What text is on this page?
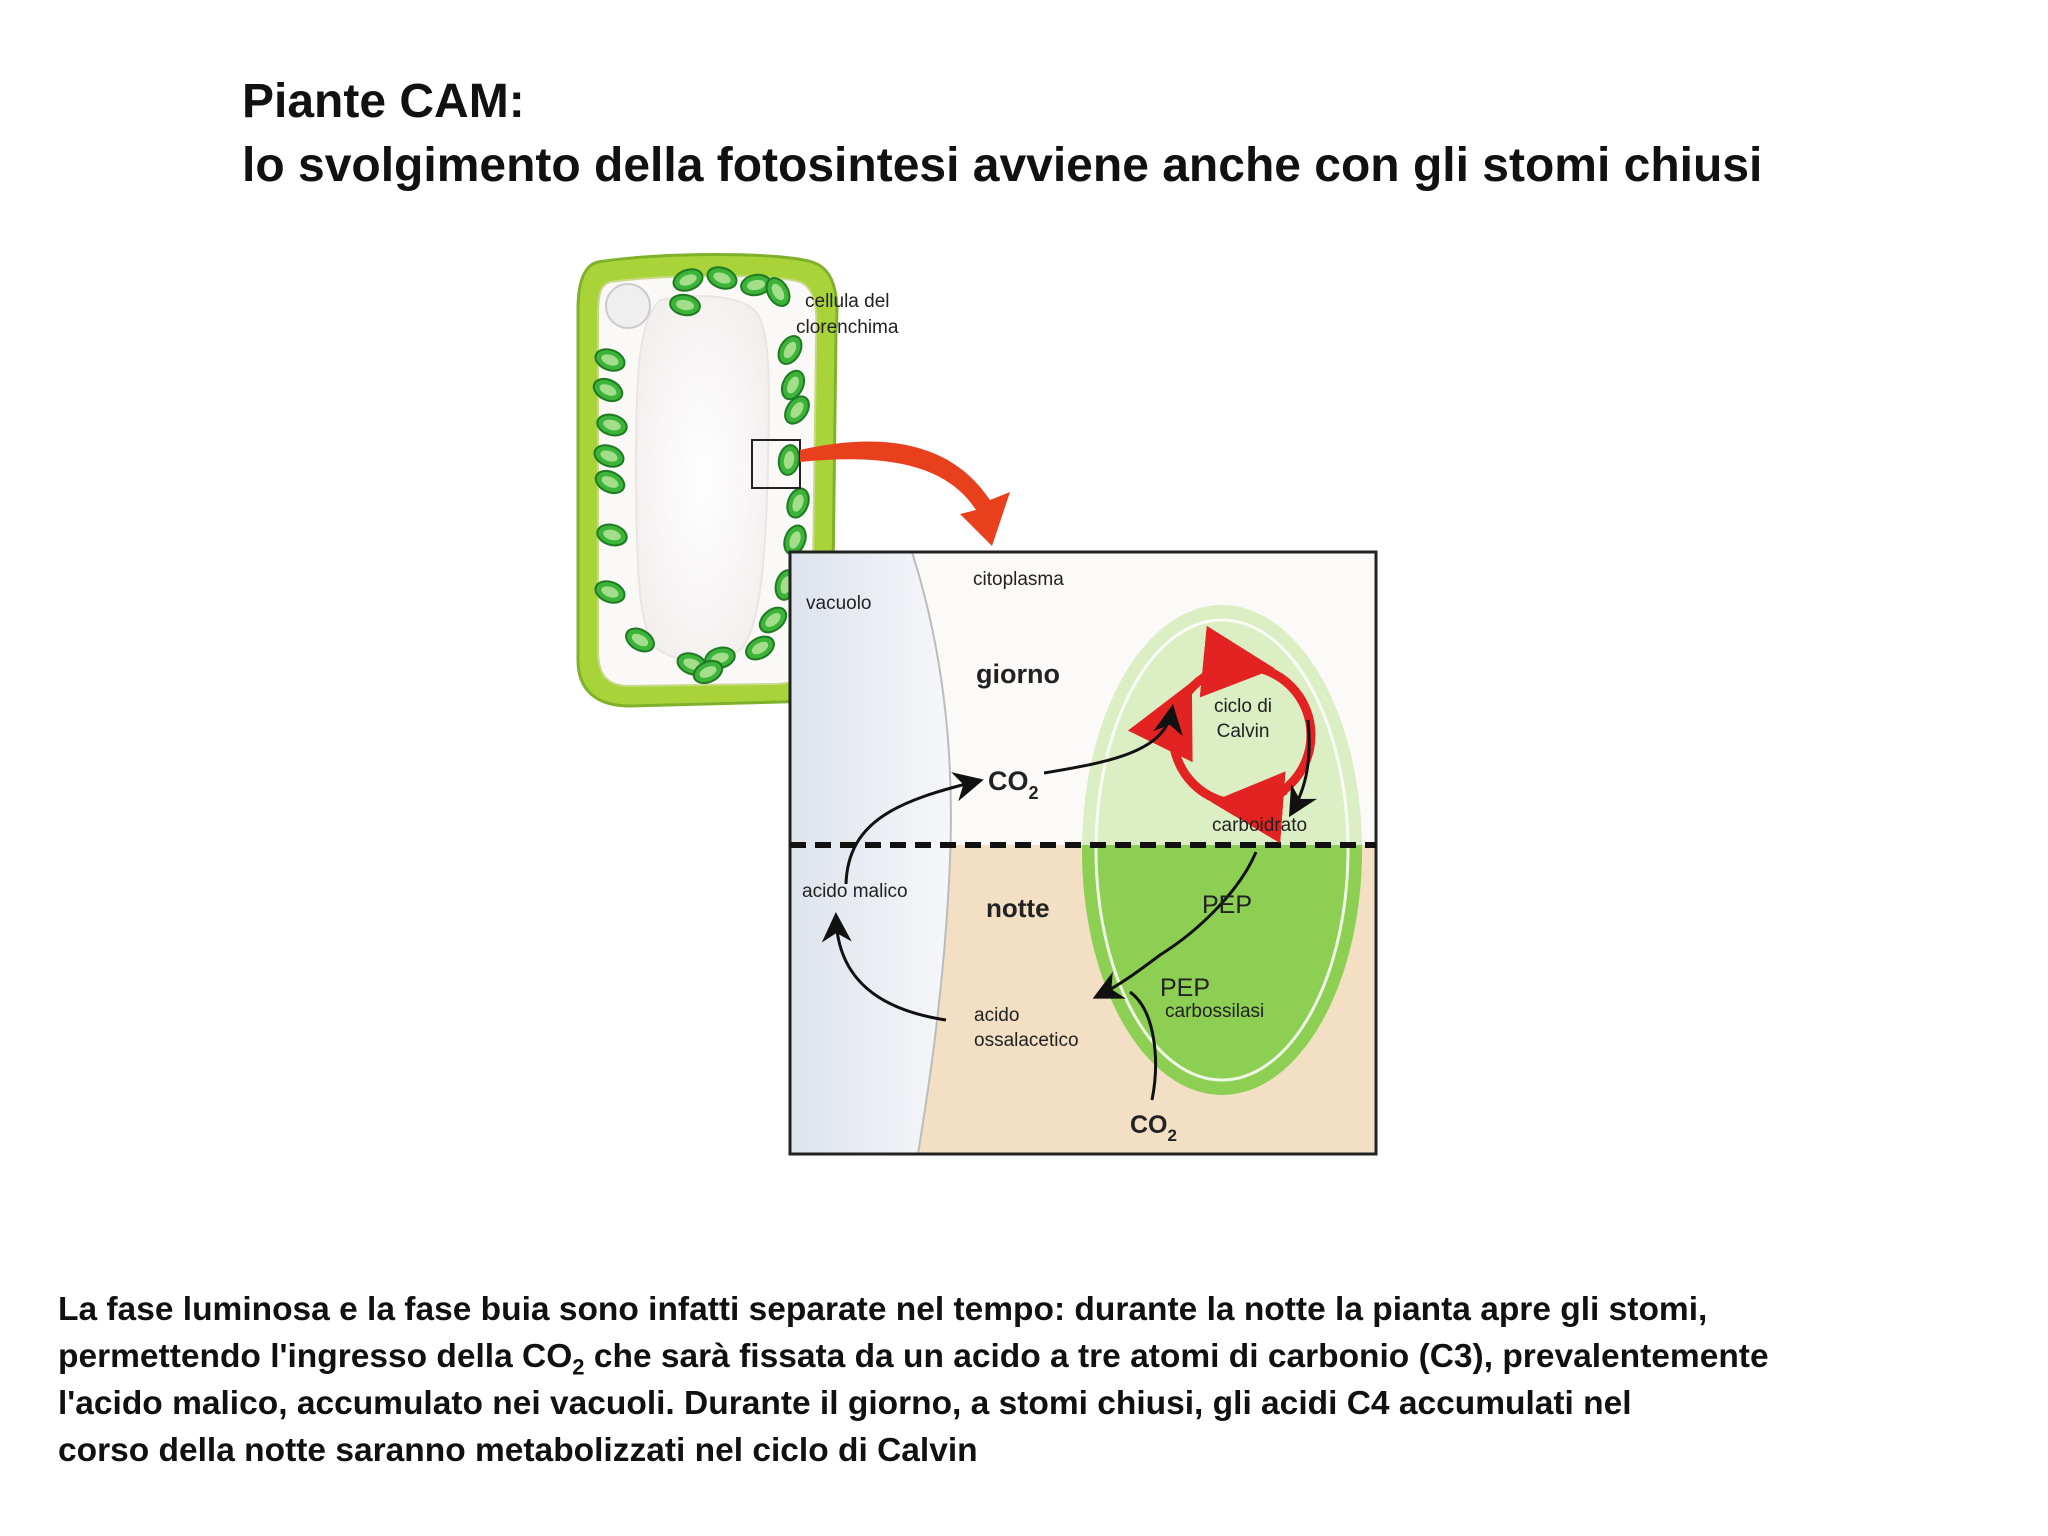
Piante CAM:
lo svolgimento della fotosintesi avviene anche con gli stomi chiusi
cellula del
clorenchima
citoplasma
vacuolo
giorno
notte
ciclo di
Calvin
$CO_2$
carboidrato
acido malico	PEP
PEP
carbossilasi
acido
ossalacetico
$CO_2$
La fase luminosa e la fase buia sono infatti separate nel tempo: durante la notte la pianta apre gli stomi,
permettendo l'ingresso della $CO_2$ che sarà fissata da un acido a tre atomi di carbonio (C3), prevalentemente
l'acido malico, accumulato nei vacuoli. Durante il giorno, a stomi chiusi, gli acidi C4 accumulati nel
corso della notte saranno metabolizzati nel ciclo di Calvin
